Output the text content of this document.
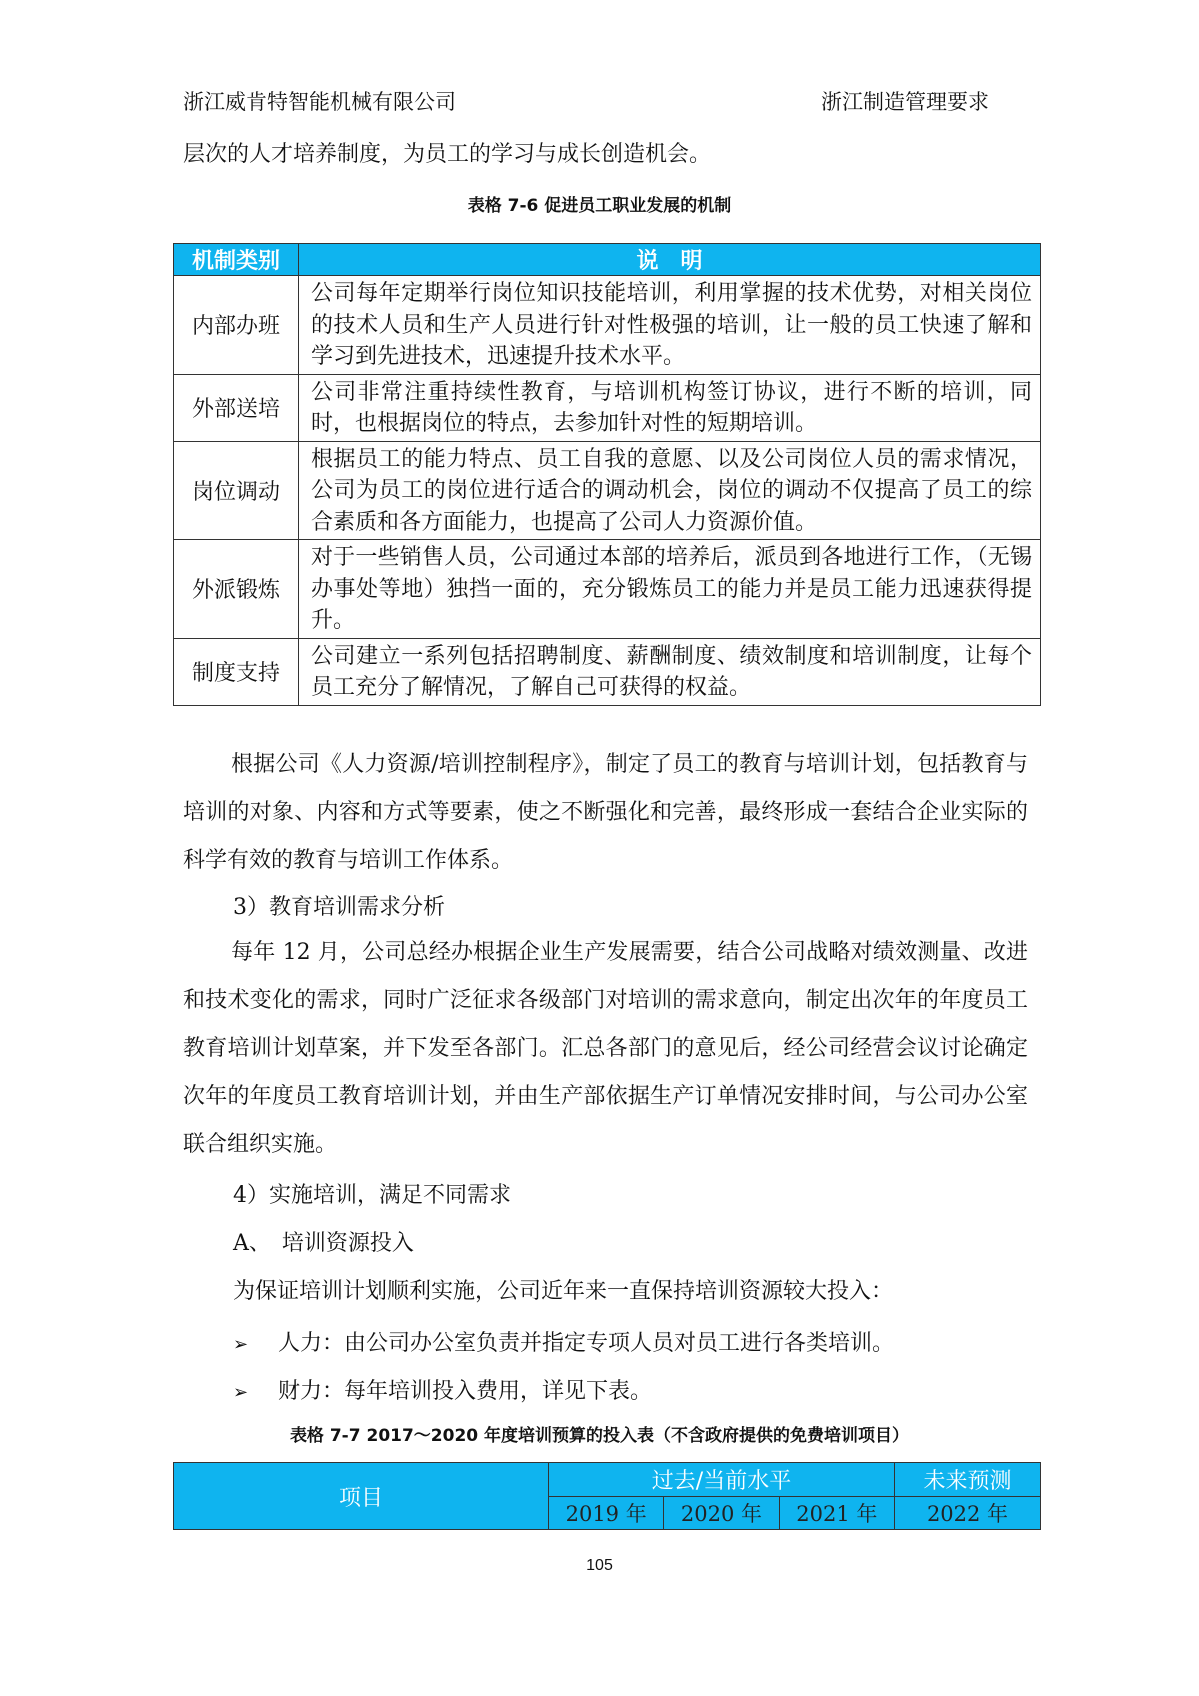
浙江威肯特智能机械有限公司	浙江制造管理要求
层次的人才培养制度，为员工的学习与成长创造机会。
表格 7-6 促进员工职业发展的机制
机制类别	说　明
内部办班	公司每年定期举行岗位知识技能培训，利用掌握的技术优势，对相关岗位的技术人员和生产人员进行针对性极强的培训，让一般的员工快速了解和学习到先进技术，迅速提升技术水平。
外部送培	公司非常注重持续性教育，与培训机构签订协议，进行不断的培训，同时，也根据岗位的特点，去参加针对性的短期培训。
岗位调动	根据员工的能力特点、员工自我的意愿、以及公司岗位人员的需求情况，公司为员工的岗位进行适合的调动机会，岗位的调动不仅提高了员工的综合素质和各方面能力，也提高了公司人力资源价值。
外派锻炼	对于一些销售人员，公司通过本部的培养后，派员到各地进行工作，（无锡办事处等地）独挡一面的，充分锻炼员工的能力并是员工能力迅速获得提升。
制度支持	公司建立一系列包括招聘制度、薪酬制度、绩效制度和培训制度，让每个员工充分了解情况，了解自己可获得的权益。

根据公司《人力资源/培训控制程序》，制定了员工的教育与培训计划，包括教育与培训的对象、内容和方式等要素，使之不断强化和完善，最终形成一套结合企业实际的科学有效的教育与培训工作体系。

3）教育培训需求分析

每年 12 月，公司总经办根据企业生产发展需要，结合公司战略对绩效测量、改进和技术变化的需求，同时广泛征求各级部门对培训的需求意向，制定出次年的年度员工教育培训计划草案，并下发至各部门。汇总各部门的意见后，经公司经营会议讨论确定次年的年度员工教育培训计划，并由生产部依据生产订单情况安排时间，与公司办公室联合组织实施。

4）实施培训，满足不同需求
A、　培训资源投入
为保证培训计划顺利实施，公司近年来一直保持培训资源较大投入：
➢ 人力：由公司办公室负责并指定专项人员对员工进行各类培训。
➢ 财力：每年培训投入费用，详见下表。
表格 7-7 2017～2020 年度培训预算的投入表（不含政府提供的免费培训项目）
项目	过去/当前水平			未来预测
	2019 年	2020 年	2021 年	2022 年
105
